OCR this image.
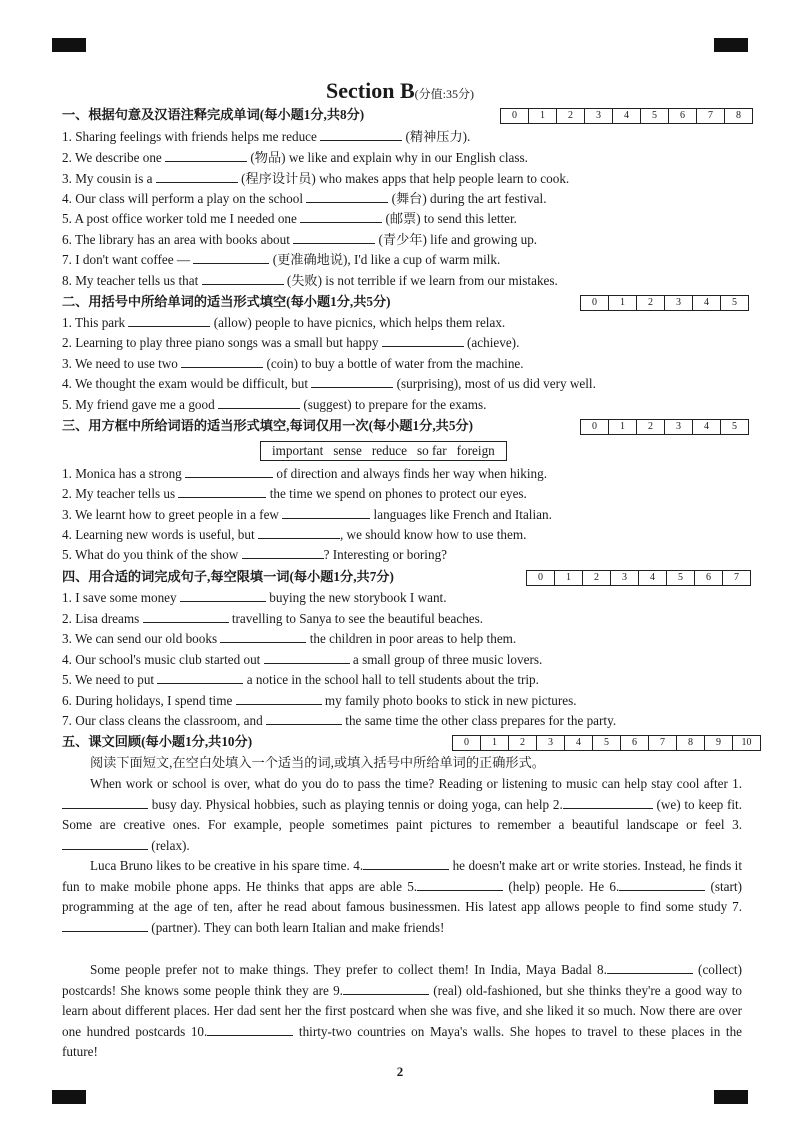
Section B(分值:35分)
一、根据句意及汉语注释完成单词(每小题1分,共8分)	0	1	2	3	4	5	6	7	8
1. Sharing feelings with friends helps me reduce	(精神压力).
2. We describe one	(物品) we like and explain why in our English class.
3. My cousin is a	(程序设计员) who makes apps that help people learn to cook.
4. Our class will perform a play on the school	(舞台) during the art festival.
5. A post office worker told me I needed one	(邮票) to send this letter.
6. The library has an area with books about	(青少年) life and growing up.
7. I don't want coffee —	(更准确地说), I'd like a cup of warm milk.
8. My teacher tells us that	(失败) is not terrible if we learn from our mistakes.
二、用括号中所给单词的适当形式填空(每小题1分,共5分)	0	1	2	3	4	5
1. This park	(allow) people to have picnics, which helps them relax.
2. Learning to play three piano songs was a small but happy	(achieve).
3. We need to use two	(coin) to buy a bottle of water from the machine.
4. We thought the exam would be difficult, but	(surprising), most of us did very well.
5. My friend gave me a good	(suggest) to prepare for the exams.
三、用方框中所给词语的适当形式填空,每词仅用一次(每小题1分,共5分)	0	1	2	3	4	5
important sense reduce so far foreign
1. Monica has a strong	of direction and always finds her way when hiking.
2. My teacher tells us	the time we spend on phones to protect our eyes.
3. We learnt how to greet people in a few	languages like French and Italian.
4. Learning new words is useful, but	, we should know how to use them.
5. What do you think of the show	? Interesting or boring?
四、用合适的词完成句子,每空限填一词(每小题1分,共7分)	0	1	2	3	4	5	6	7
1. I save some money	buying the new storybook I want.
2. Lisa dreams	travelling to Sanya to see the beautiful beaches.
3. We can send our old books	the children in poor areas to help them.
4. Our school's music club started out	a small group of three music lovers.
5. We need to put	a notice in the school hall to tell students about the trip.
6. During holidays, I spend time	my family photo books to stick in new pictures.
7. Our class cleans the classroom, and	the same time the other class prepares for the party.
五、课文回顾(每小题1分,共10分)	0	1	2	3	4	5	6	7	8	9	10
阅读下面短文,在空白处填入一个适当的词,或填入括号中所给单词的正确形式。
When work or school is over, what do you do to pass the time? Reading or listening to music can help stay cool after 1. busy day. Physical hobbies, such as playing tennis or doing yoga, can help 2.	(we) to keep fit. Some are creative ones. For example, people sometimes paint pictures to remember a beautiful landscape or feel 3. (relax).
Luca Bruno likes to be creative in his spare time. 4.	he doesn't make art or write stories. Instead, he finds it fun to make mobile phone apps. He thinks that apps are able 5.	(help) people. He 6.	(start) programming at the age of ten, after he read about famous businessmen. His latest app allows people to find some study 7. (partner). They can both learn Italian and make friends!
Some people prefer not to make things. They prefer to collect them! In India, Maya Badal 8.	(collect) postcards! She knows some people think they are 9.	(real) old-fashioned, but she thinks they're a good way to learn about different places. Her dad sent her the first postcard when she was five, and she liked it so much. Now there are over one hundred postcards 10.	thirty-two countries on Maya's walls. She hopes to travel to these places in the future!
2
